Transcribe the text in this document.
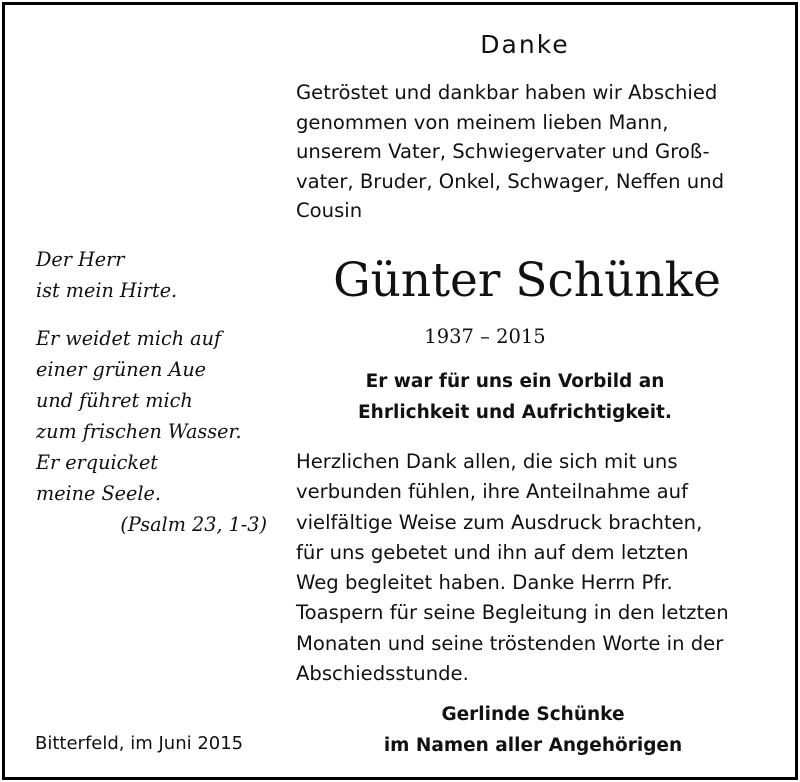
Danke
Getröstet und dankbar haben wir Abschied
genommen von meinem lieben Mann,
unserem Vater, Schwiegervater und Groß-
vater, Bruder, Onkel, Schwager, Neffen und
Cousin
Günter Schünke
1937 – 2015
Er war für uns ein Vorbild an
Ehrlichkeit und Aufrichtigkeit.
Herzlichen Dank allen, die sich mit uns
verbunden fühlen, ihre Anteilnahme auf
vielfältige Weise zum Ausdruck brachten,
für uns gebetet und ihn auf dem letzten
Weg begleitet haben. Danke Herrn Pfr.
Toaspern für seine Begleitung in den letzten
Monaten und seine tröstenden Worte in der
Abschiedsstunde.
Der Herr
ist mein Hirte.
Er weidet mich auf
einer grünen Aue
und führet mich
zum frischen Wasser.
Er erquicket
meine Seele.
(Psalm 23, 1-3)
Bitterfeld, im Juni 2015
Gerlinde Schünke
im Namen aller Angehörigen
